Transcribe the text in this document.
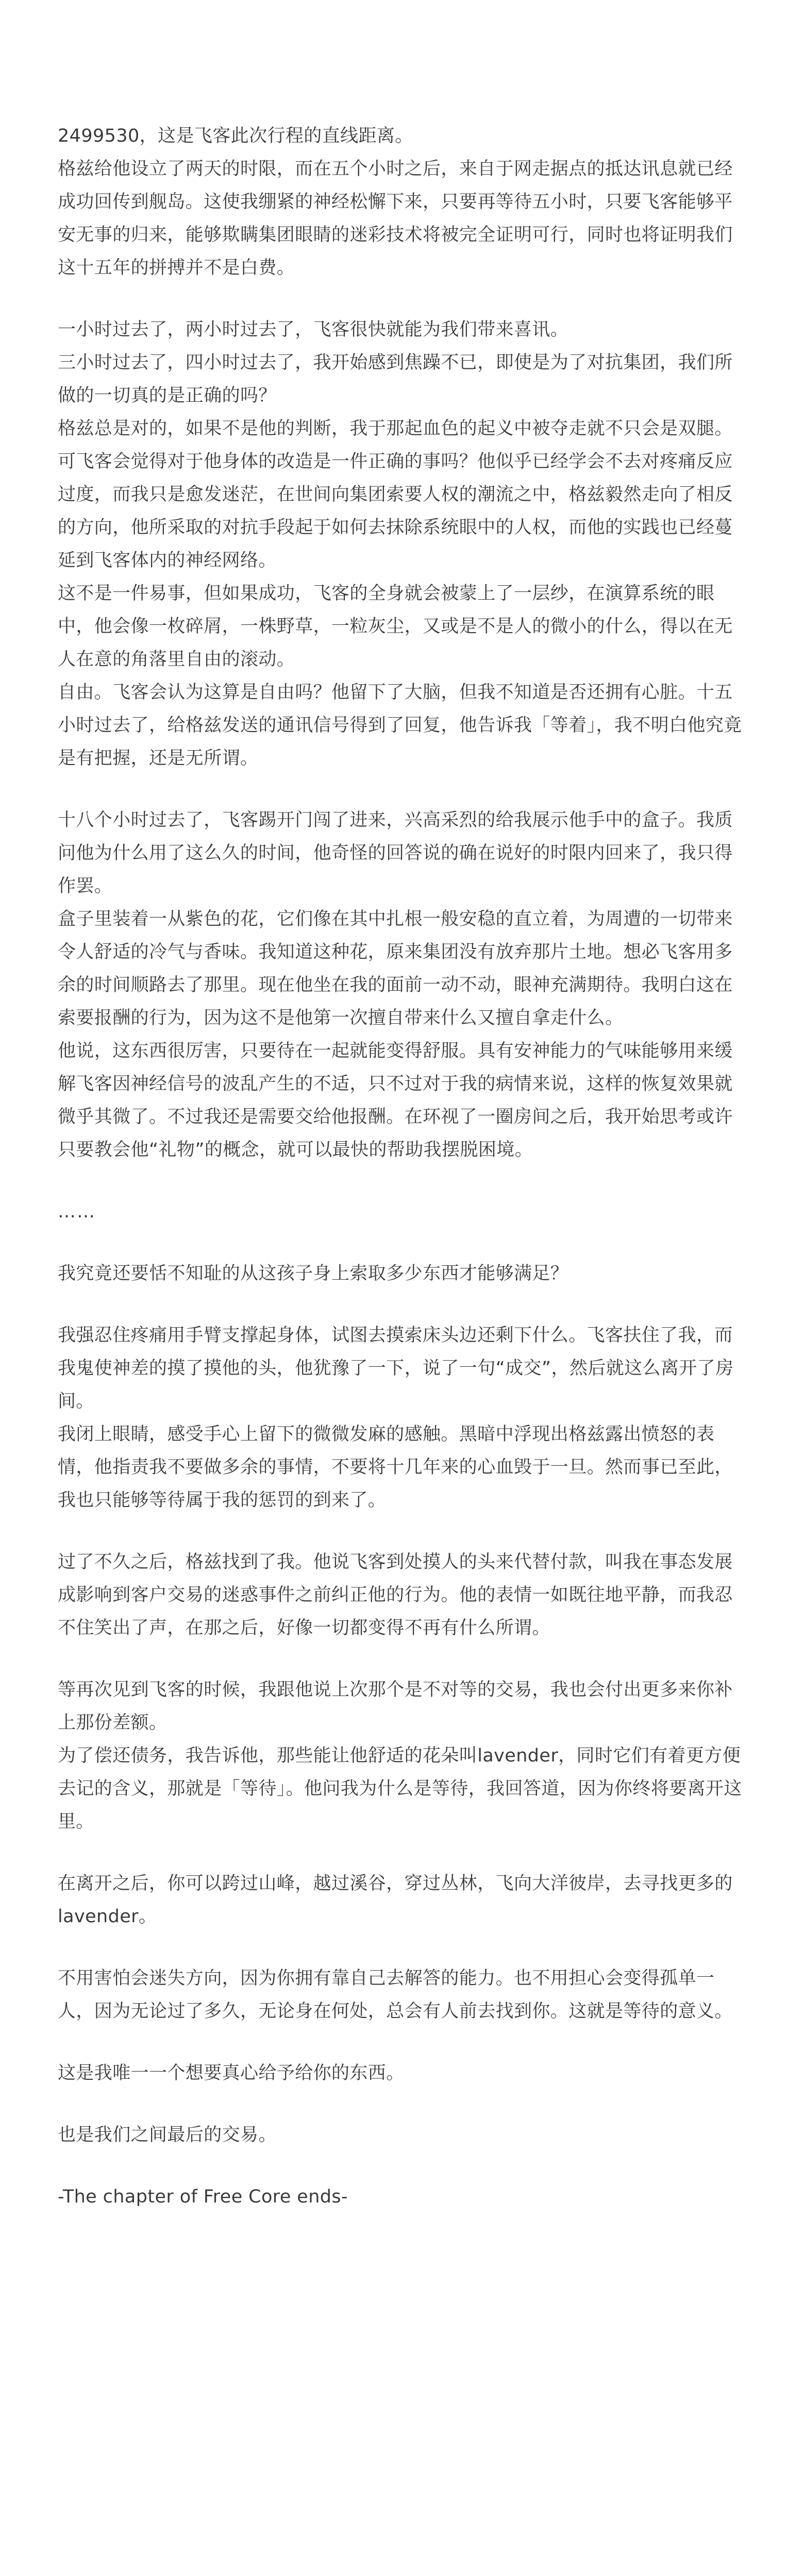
2499530，这是飞客此次行程的直线距离。

格兹给他设立了两天的时限，而在五个小时之后，来自于网走据点的抵达讯息就已经成功回传到舰岛。这使我绷紧的神经松懈下来，只要再等待五小时，只要飞客能够平安无事的归来，能够欺瞒集团眼睛的迷彩技术将被完全证明可行，同时也将证明我们这十五年的拼搏并不是白费。

一小时过去了，两小时过去了，飞客很快就能为我们带来喜讯。

三小时过去了，四小时过去了，我开始感到焦躁不已，即使是为了对抗集团，我们所做的一切真的是正确的吗？

格兹总是对的，如果不是他的判断，我于那起血色的起义中被夺走就不只会是双腿。可飞客会觉得对于他身体的改造是一件正确的事吗？他似乎已经学会不去对疼痛反应过度，而我只是愈发迷茫，在世间向集团索要人权的潮流之中，格兹毅然走向了相反的方向，他所采取的对抗手段起于如何去抹除系统眼中的人权，而他的实践也已经蔓延到飞客体内的神经网络。

这不是一件易事，但如果成功，飞客的全身就会被蒙上了一层纱，在演算系统的眼中，他会像一枚碎屑，一株野草，一粒灰尘，又或是不是人的微小的什么，得以在无人在意的角落里自由的滚动。

自由。飞客会认为这算是自由吗？他留下了大脑，但我不知道是否还拥有心脏。十五小时过去了，给格兹发送的通讯信号得到了回复，他告诉我「等着」，我不明白他究竟是有把握，还是无所谓。

十八个小时过去了，飞客踢开门闯了进来，兴高采烈的给我展示他手中的盒子。我质问他为什么用了这么久的时间，他奇怪的回答说的确在说好的时限内回来了，我只得作罢。

盒子里装着一从紫色的花，它们像在其中扎根一般安稳的直立着，为周遭的一切带来令人舒适的冷气与香味。我知道这种花，原来集团没有放弃那片土地。想必飞客用多余的时间顺路去了那里。现在他坐在我的面前一动不动，眼神充满期待。我明白这在索要报酬的行为，因为这不是他第一次擅自带来什么又擅自拿走什么。

他说，这东西很厉害，只要待在一起就能变得舒服。具有安神能力的气味能够用来缓解飞客因神经信号的波乱产生的不适，只不过对于我的病情来说，这样的恢复效果就微乎其微了。不过我还是需要交给他报酬。在环视了一圈房间之后，我开始思考或许只要教会他“礼物”的概念，就可以最快的帮助我摆脱困境。

……

我究竟还要恬不知耻的从这孩子身上索取多少东西才能够满足？

我强忍住疼痛用手臂支撑起身体，试图去摸索床头边还剩下什么。飞客扶住了我，而我鬼使神差的摸了摸他的头，他犹豫了一下，说了一句“成交”，然后就这么离开了房间。

我闭上眼睛，感受手心上留下的微微发麻的感触。黑暗中浮现出格兹露出愤怒的表情，他指责我不要做多余的事情，不要将十几年来的心血毁于一旦。然而事已至此，我也只能够等待属于我的惩罚的到来了。

过了不久之后，格兹找到了我。他说飞客到处摸人的头来代替付款，叫我在事态发展成影响到客户交易的迷惑事件之前纠正他的行为。他的表情一如既往地平静，而我忍不住笑出了声，在那之后，好像一切都变得不再有什么所谓。

等再次见到飞客的时候，我跟他说上次那个是不对等的交易，我也会付出更多来你补上那份差额。

为了偿还债务，我告诉他，那些能让他舒适的花朵叫lavender，同时它们有着更方便去记的含义，那就是「等待」。他问我为什么是等待，我回答道，因为你终将要离开这里。

在离开之后，你可以跨过山峰，越过溪谷，穿过丛林，飞向大洋彼岸，去寻找更多的lavender。

不用害怕会迷失方向，因为你拥有靠自己去解答的能力。也不用担心会变得孤单一人，因为无论过了多久，无论身在何处，总会有人前去找到你。这就是等待的意义。

这是我唯一一个想要真心给予给你的东西。

也是我们之间最后的交易。

-The chapter of Free Core ends-
